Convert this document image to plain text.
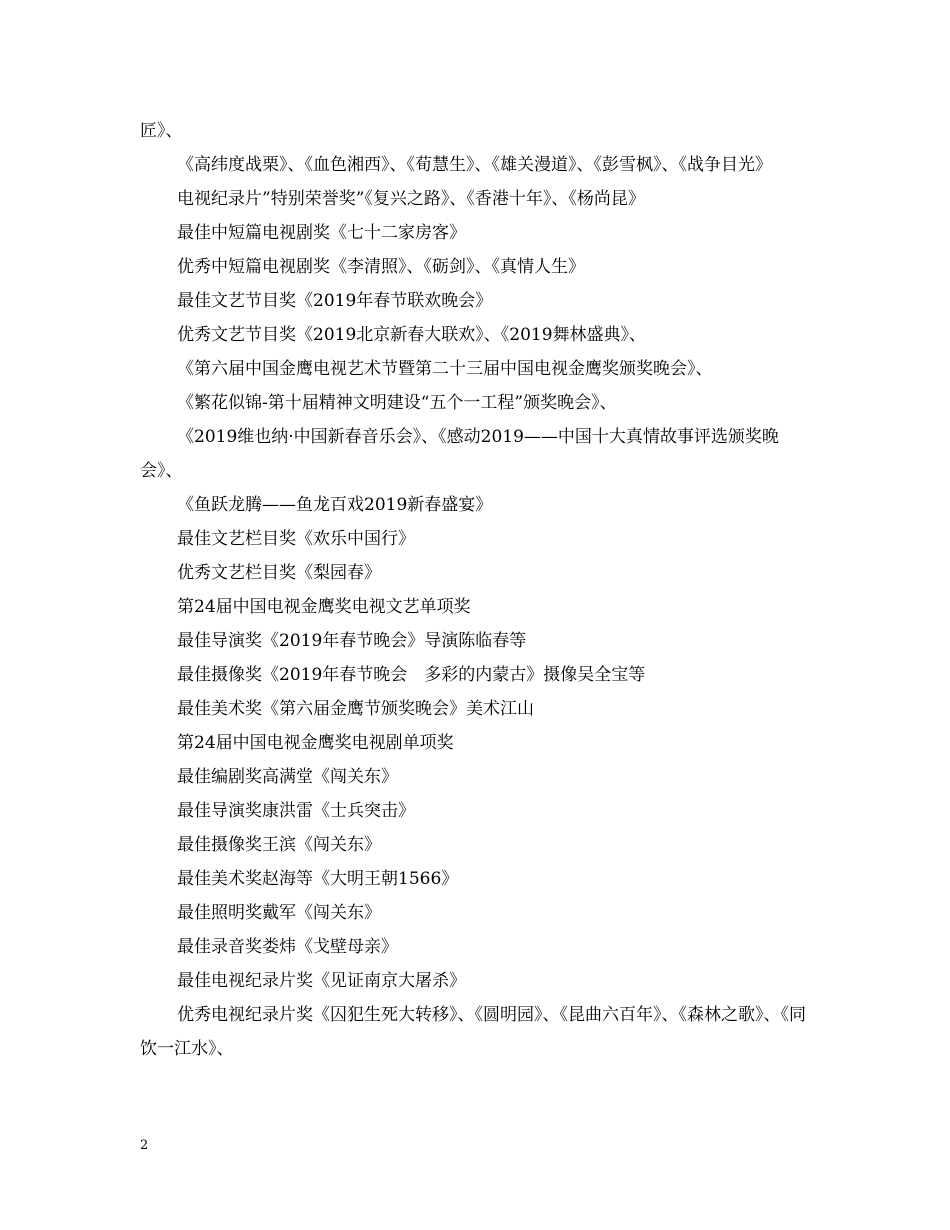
匠》、

《高纬度战栗》、《血色湘西》、《荀慧生》、《雄关漫道》、《彭雪枫》、《战争目光》

电视纪录片”特别荣誉奖”《复兴之路》、《香港十年》、《杨尚昆》

最佳中短篇电视剧奖《七十二家房客》

优秀中短篇电视剧奖《李清照》、《砺剑》、《真情人生》

最佳文艺节目奖《2019年春节联欢晚会》

优秀文艺节目奖《2019北京新春大联欢》、《2019舞林盛典》、

《第六届中国金鹰电视艺术节暨第二十三届中国电视金鹰奖颁奖晚会》、

《繁花似锦-第十届精神文明建设“五个一工程”颁奖晚会》、

《2019维也纳·中国新春音乐会》、《感动2019——中国十大真情故事评选颁奖晚会》、

《鱼跃龙腾——鱼龙百戏2019新春盛宴》

最佳文艺栏目奖《欢乐中国行》

优秀文艺栏目奖《梨园春》

第24届中国电视金鹰奖电视文艺单项奖

最佳导演奖《2019年春节晚会》导演陈临春等

最佳摄像奖《2019年春节晚会　多彩的内蒙古》摄像吴全宝等

最佳美术奖《第六届金鹰节颁奖晚会》美术江山

第24届中国电视金鹰奖电视剧单项奖

最佳编剧奖高满堂《闯关东》

最佳导演奖康洪雷《士兵突击》

最佳摄像奖王滨《闯关东》

最佳美术奖赵海等《大明王朝1566》

最佳照明奖戴军《闯关东》

最佳录音奖娄炜《戈壁母亲》

最佳电视纪录片奖《见证南京大屠杀》

优秀电视纪录片奖《囚犯生死大转移》、《圆明园》、《昆曲六百年》、《森林之歌》、《同饮一江水》、

2
